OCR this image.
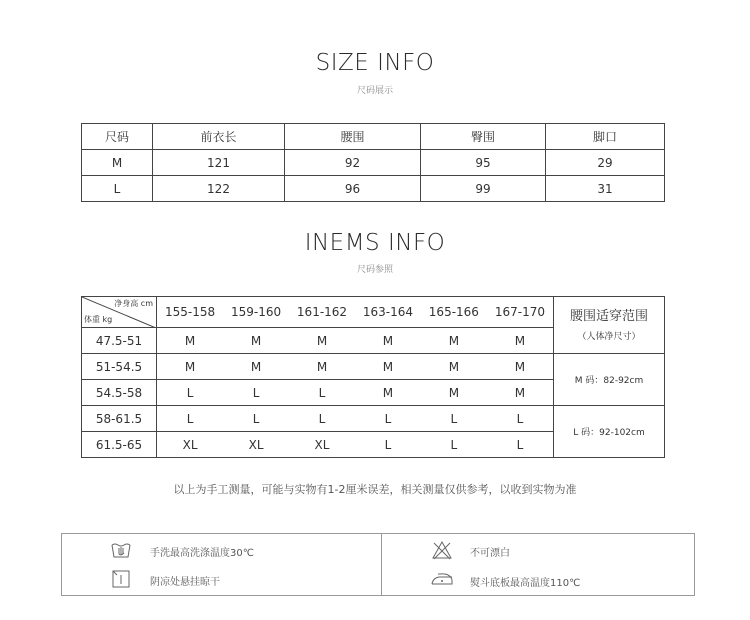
SIZE INFO
尺码展示
尺码	前衣长	腰围	臀围	脚口
M	121	92	95	29
L	122	96	99	31
INEMS INFO
尺码参照
净身高 cm
体重 kg	155-158	159-160	161-162	163-164	165-166	167-170	腰围适穿范围
（人体净尺寸）

47.5-51	M	M	M	M	M	M	
51-54.5	M	M	M	M	M	M	M 码：82-92cm
54.5-58	L	L	L	M	M	M	
58-61.5	L	L	L	L	L	L	L 码：92-102cm
61.5-65	XL	XL	XL	L	L	L	
以上为手工测量，可能与实物有1-2厘米误差，相关测量仅供参考，以收到实物为准
手洗最高洗涤温度30℃
阴凉处悬挂晾干
不可漂白
熨斗底板最高温度110℃
